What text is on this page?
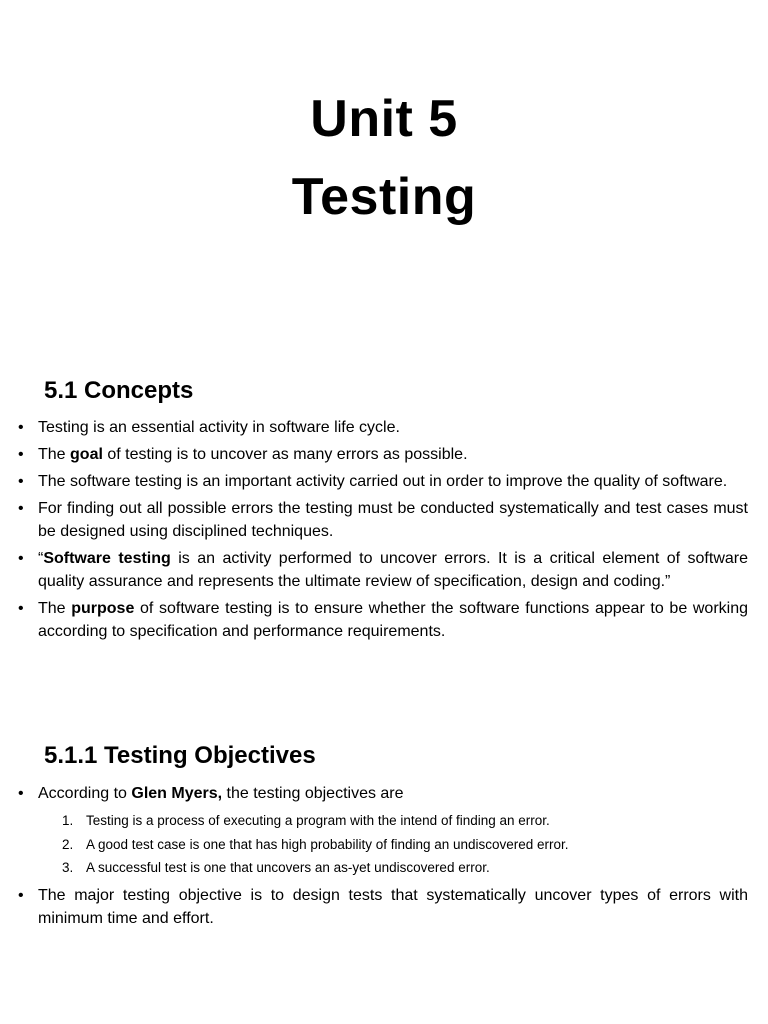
Unit 5
Testing
5.1 Concepts
• Testing is an essential activity in software life cycle.
• The goal of testing is to uncover as many errors as possible.
• The software testing is an important activity carried out in order to improve the quality of software.
• For finding out all possible errors the testing must be conducted systematically and test cases must be designed using disciplined techniques.
• “Software testing is an activity performed to uncover errors. It is a critical element of software quality assurance and represents the ultimate review of specification, design and coding.”
• The purpose of software testing is to ensure whether the software functions appear to be working according to specification and performance requirements.
5.1.1 Testing Objectives
• According to Glen Myers, the testing objectives are
1. Testing is a process of executing a program with the intend of finding an error.
2. A good test case is one that has high probability of finding an undiscovered error.
3. A successful test is one that uncovers an as-yet undiscovered error.
• The major testing objective is to design tests that systematically uncover types of errors with minimum time and effort.
